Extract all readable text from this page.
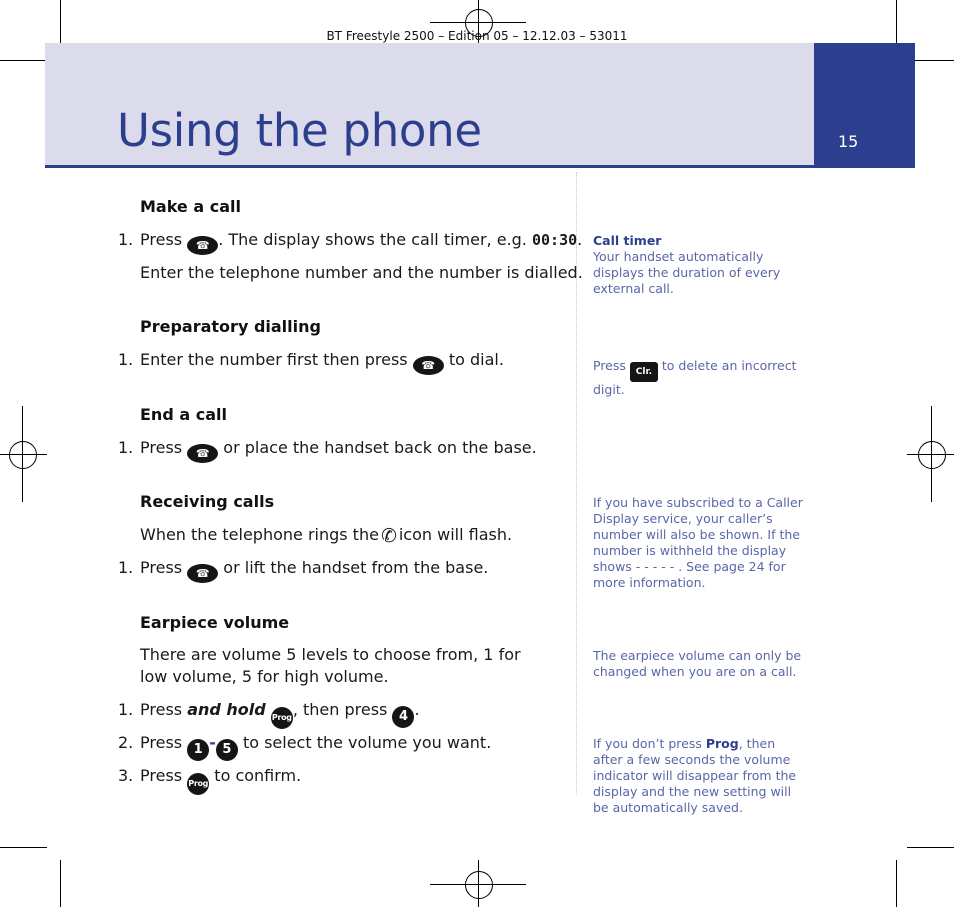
BT Freestyle 2500 – Edition 05 – 12.12.03 – 53011
Using the phone	15
Make a call
1. Press ☎ . The display shows the call timer, e.g. 00:30.
Enter the telephone number and the number is dialled.
Preparatory dialling
1. Enter the number first then press ☎ to dial.
End a call
1. Press ☎ or place the handset back on the base.
Receiving calls
When the telephone rings the ✆ icon will flash.
1. Press ☎ or lift the handset from the base.
Earpiece volume
There are volume 5 levels to choose from, 1 for low volume, 5 for high volume.
1. Press and hold Prog, then press 4 .
2. Press 1 - 5 to select the volume you want.
3. Press Prog to confirm.
Call timer
Your handset automatically displays the duration of every external call.
Press Clr. to delete an incorrect digit.
If you have subscribed to a Caller Display service, your caller’s number will also be shown. If the number is withheld the display shows - - - - - . See page 24 for more information.
The earpiece volume can only be changed when you are on a call.
If you don’t press Prog, then after a few seconds the volume indicator will disappear from the display and the new setting will be automatically saved.
